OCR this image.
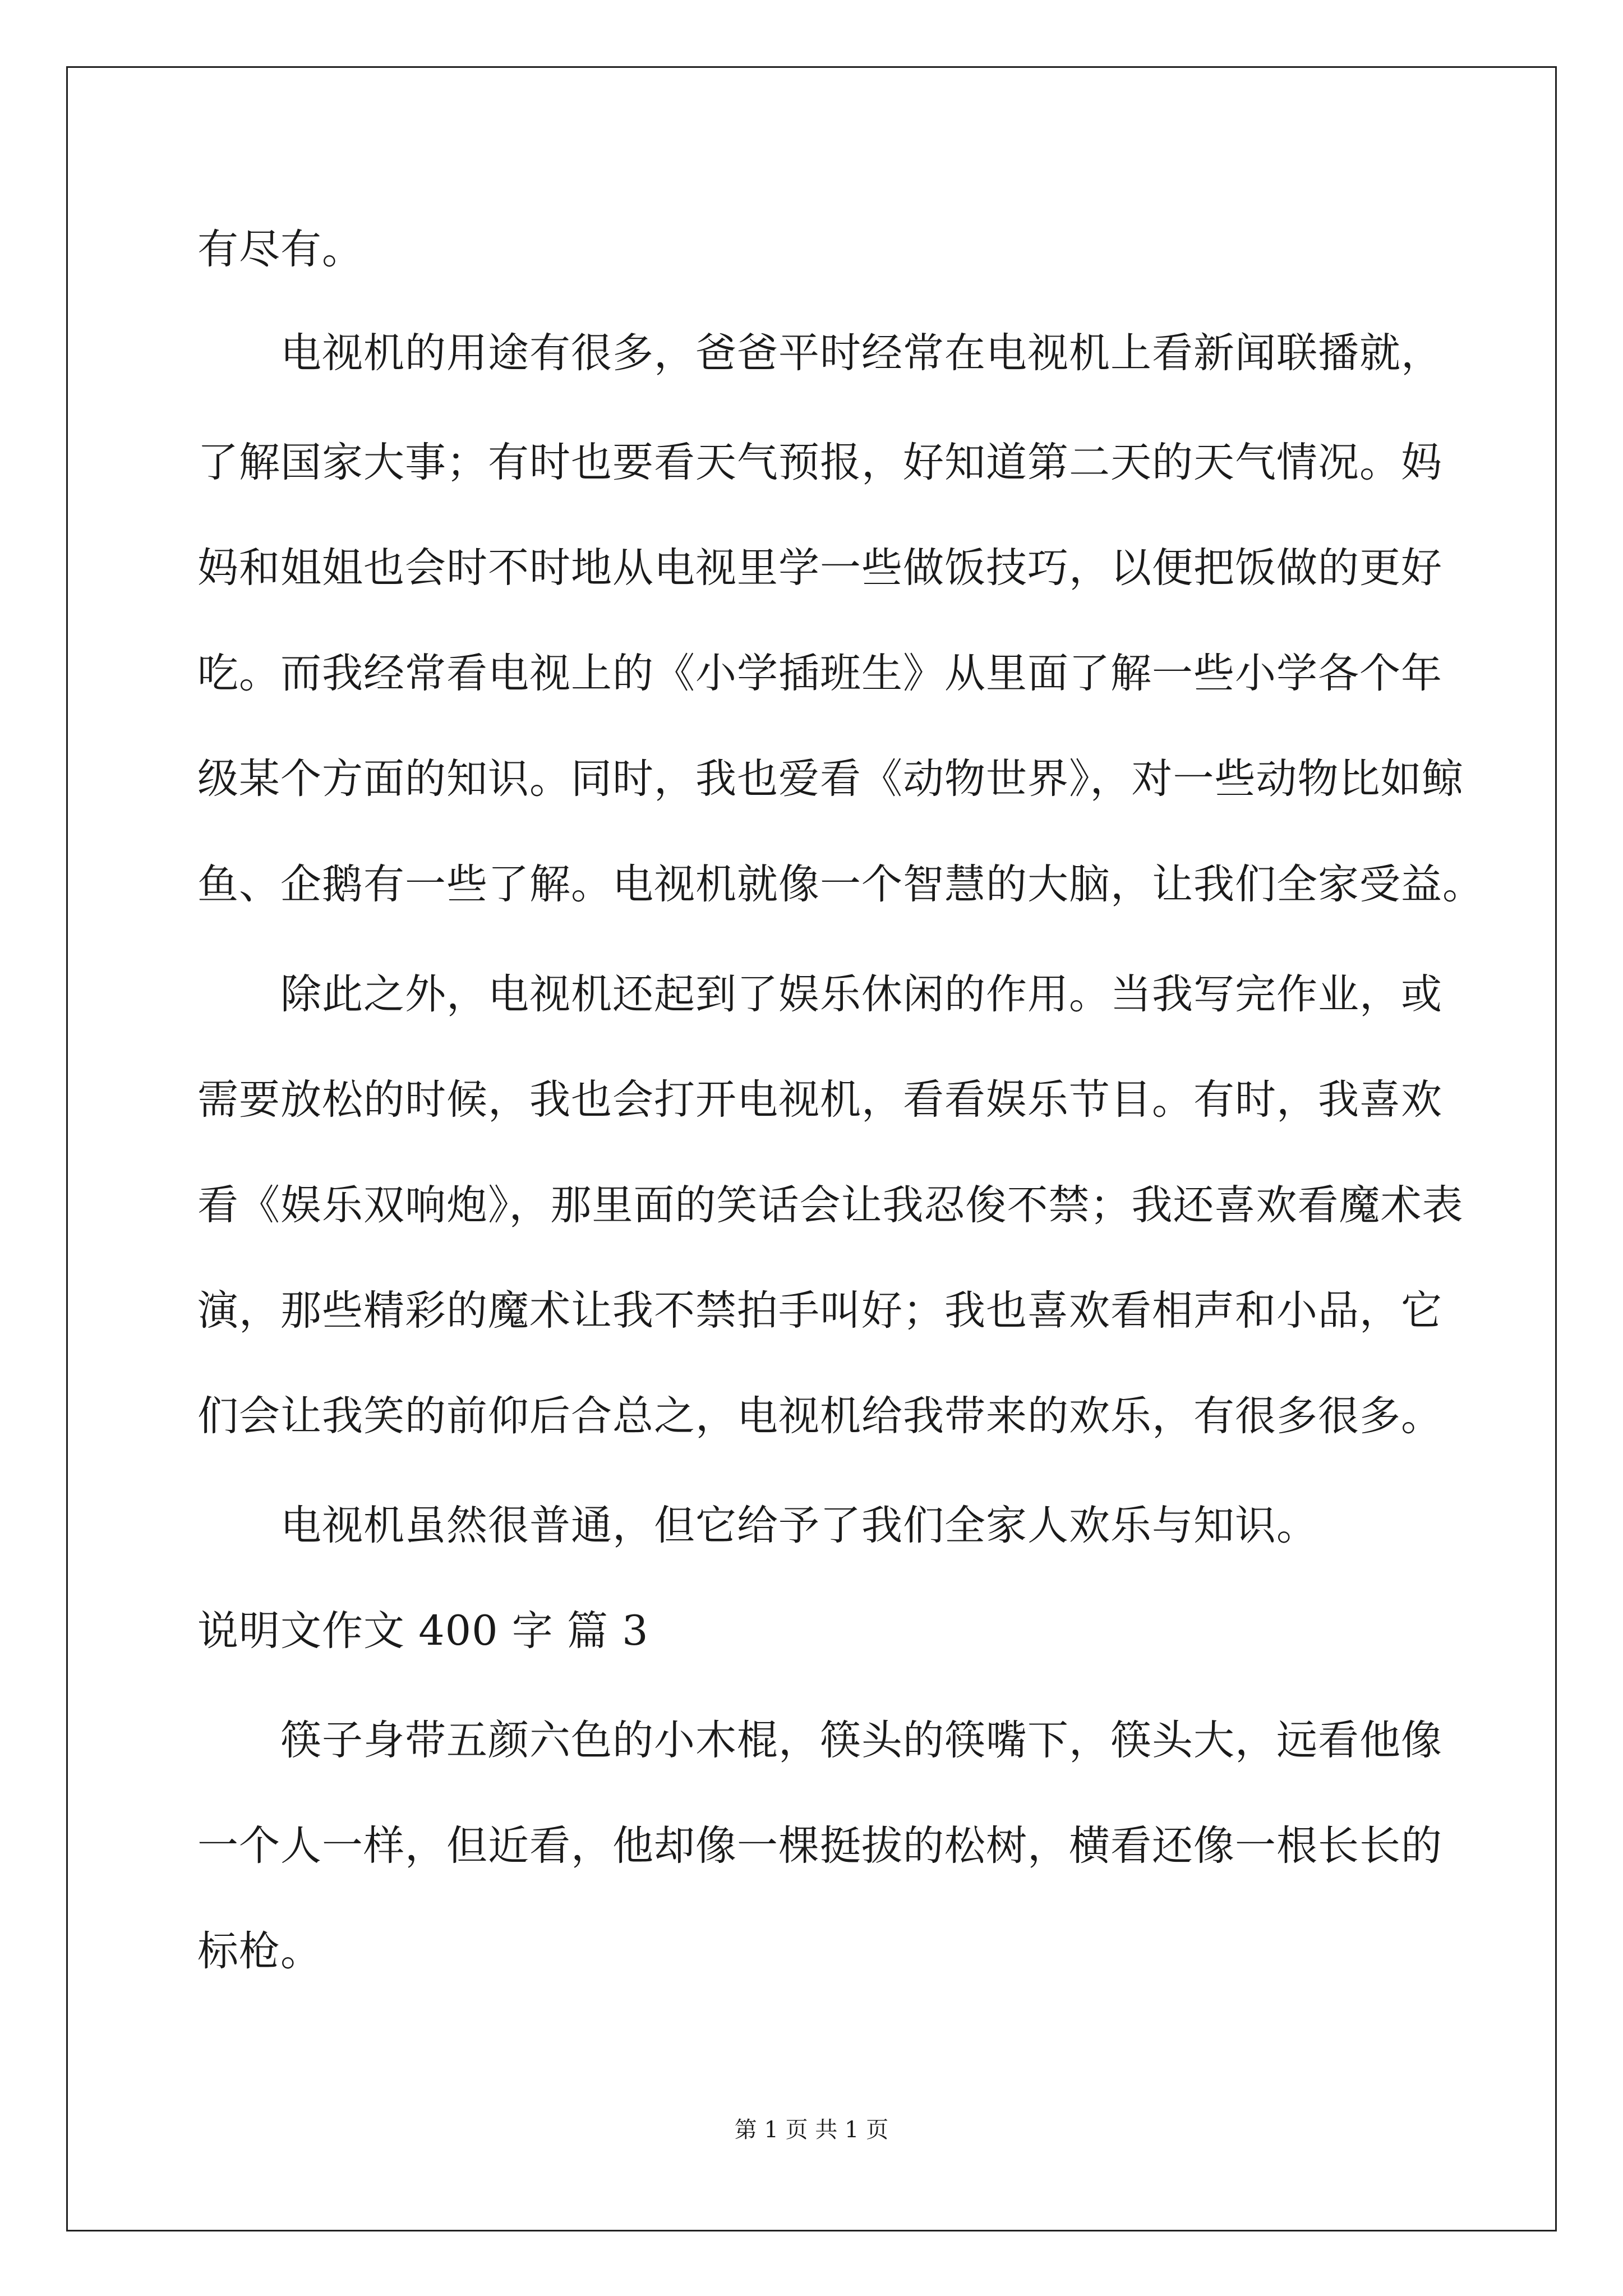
有尽有。
电视机的用途有很多，爸爸平时经常在电视机上看新闻联播就，
了解国家大事；有时也要看天气预报，好知道第二天的天气情况。妈
妈和姐姐也会时不时地从电视里学一些做饭技巧，以便把饭做的更好
吃。而我经常看电视上的《小学插班生》从里面了解一些小学各个年
级某个方面的知识。同时，我也爱看《动物世界》，对一些动物比如鲸
鱼、企鹅有一些了解。电视机就像一个智慧的大脑，让我们全家受益。
除此之外，电视机还起到了娱乐休闲的作用。当我写完作业，或
需要放松的时候，我也会打开电视机，看看娱乐节目。有时，我喜欢
看《娱乐双响炮》，那里面的笑话会让我忍俊不禁；我还喜欢看魔术表
演，那些精彩的魔术让我不禁拍手叫好；我也喜欢看相声和小品，它
们会让我笑的前仰后合总之，电视机给我带来的欢乐，有很多很多。
电视机虽然很普通，但它给予了我们全家人欢乐与知识。
说明文作文 400 字 篇 3
筷子身带五颜六色的小木棍，筷头的筷嘴下，筷头大，远看他像
一个人一样，但近看，他却像一棵挺拔的松树，横看还像一根长长的
标枪。
第 1 页 共 1 页
